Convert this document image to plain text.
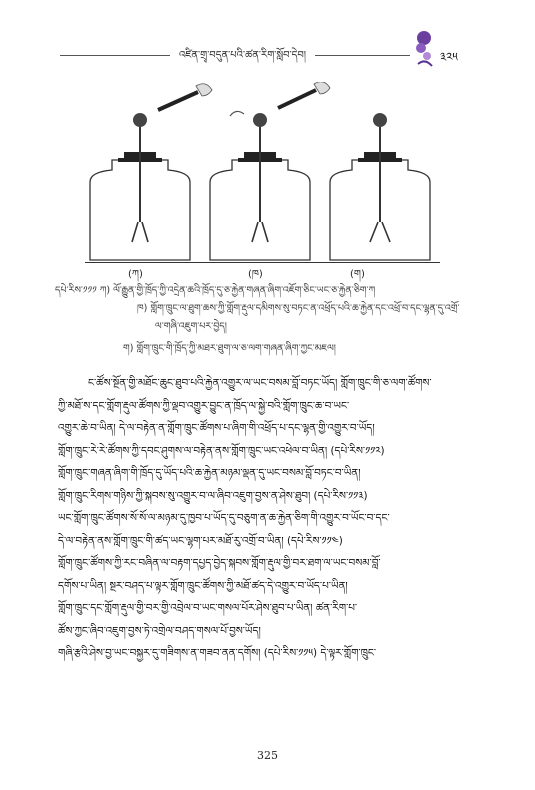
འཛིན་གྲྭ་བདུན་པའི་ཚན་རིག་སློབ་དེབ།	༣༢༥
(ཀ)	(ཁ)	(ག)
དཔེ་རིས་༡༡༡ ཀ) ལོ་རྒྱུན་གྱི་ཁྲོད་ཀྱི་འདྲེན་ཆའི་ཁྲོད་དུ་ཅ་རྐྱེན་གཞན་ཞིག་འཇོག་ཅིང་ཡང་ཅ་རྐྱེན་ཅིག་ཀ
ཁ) གློག་ཁྲུང་ལ་ཐུག་ཆས་ཀྱི་གློག་རྡུལ་དམིགས་སུ་བཏང་ན་འཕྲོད་པའི་ཆ་རྐྱེན་དང་འཕྲོ་བ་དང་ལྷན་དུ་འགྲོ་
ལ་གཞི་འཇུག་པར་བྱེད།
ག) གློག་ཁྲུང་གི་ཁྲོད་ཀྱི་མཐར་ཐུག་ལ་ཅ་ལག་གཞན་ཞིག་ཀྱང་མཇལ།
ང་ཚོས་སྔོན་གྱི་མཐོང་ཆུང་ཐུབ་པའི་རྐྱེན་འགྱུར་ལ་ཡང་བསམ་བློ་བཏང་ཡོད། གློག་ཁྲུང་གི་ཅ་ལག་ཚོགས་
ཀྱི་མཐོ་ས་དང་གློག་རྡུལ་ཚོགས་ཀྱི་ལྡབ་འགྱུར་བྱུང་ན་ཁྲོད་ལ་སྐྱེ་བའི་གློག་ཁྲུང་ཆ་བ་ཡང་
འགྱུར་ཆེ་བ་ཡིན། དེ་ལ་བརྟེན་ན་གློག་ཁྲུང་ཚོགས་པ་ཞིག་གི་འཕྲོད་པ་དང་ལྷན་གྱི་འགྱུར་བ་ཡོད།
གློག་ཁྲུང་རེ་རེ་ཚོགས་ཀྱི་དབང་ཤུགས་ལ་བརྟེན་ནས་གློག་ཁྲུང་ཡང་འཕེལ་བ་ཡིན། (དཔེ་རིས་༡༡༢)
གློག་ཁྲུང་གཞན་ཞིག་གི་ཁྲོད་དུ་ཡོད་པའི་ཆ་རྐྱེན་མཉམ་ལྡན་དུ་ཡང་བསམ་བློ་བཏང་བ་ཡིན།
གློག་ཁྲུང་རིགས་གཉིས་ཀྱི་སྐབས་སུ་འགྱུར་བ་ལ་ཞིབ་འཇུག་བྱས་ན་ཤེས་ཐུབ། (དཔེ་རིས་༡༡༣)
ཡང་གློག་ཁྲུང་ཚོགས་སོ་སོ་ལ་མཉམ་དུ་ཁྱབ་པ་ཡོད་དུ་བཅུག་ན་ཆ་རྐྱེན་ཅིག་གི་འགྱུར་བ་ཡོང་བ་དང་
དེ་ལ་བརྟེན་ནས་གློག་ཁྲུང་གི་ཚད་ཡང་ལྷག་པར་མཐོ་རུ་འགྲོ་བ་ཡིན། (དཔེ་རིས་༡༡༤)
གློག་ཁྲུང་ཚོགས་ཀྱི་རང་བཞིན་ལ་བརྟག་དཔྱད་བྱེད་སྐབས་གློག་རྡུལ་གྱི་བར་ཐག་ལ་ཡང་བསམ་བློ་
དགོས་པ་ཡིན། སྔར་བཤད་པ་ལྟར་གློག་ཁྲུང་ཚོགས་ཀྱི་མཐོ་ཚད་དེ་འགྱུར་བ་ཡོད་པ་ཡིན།
གློག་ཁྲུང་དང་གློག་རྡུལ་གྱི་བར་གྱི་འབྲེལ་བ་ཡང་གསལ་པོར་ཤེས་ཐུབ་པ་ཡིན། ཚན་རིག་པ་
ཚོས་ཀྱང་ཞིབ་འཇུག་བྱས་ཏེ་འགྲེལ་བཤད་གསལ་པོ་བྱས་ཡོད།
གཞི་རྩའི་ཤེས་བྱ་ཡང་བསྐྱར་དུ་གཟིགས་ན་གཟབ་ནན་དགོས། (དཔེ་རིས་༡༡༥) དེ་ལྟར་གློག་ཁྲུང་
325
